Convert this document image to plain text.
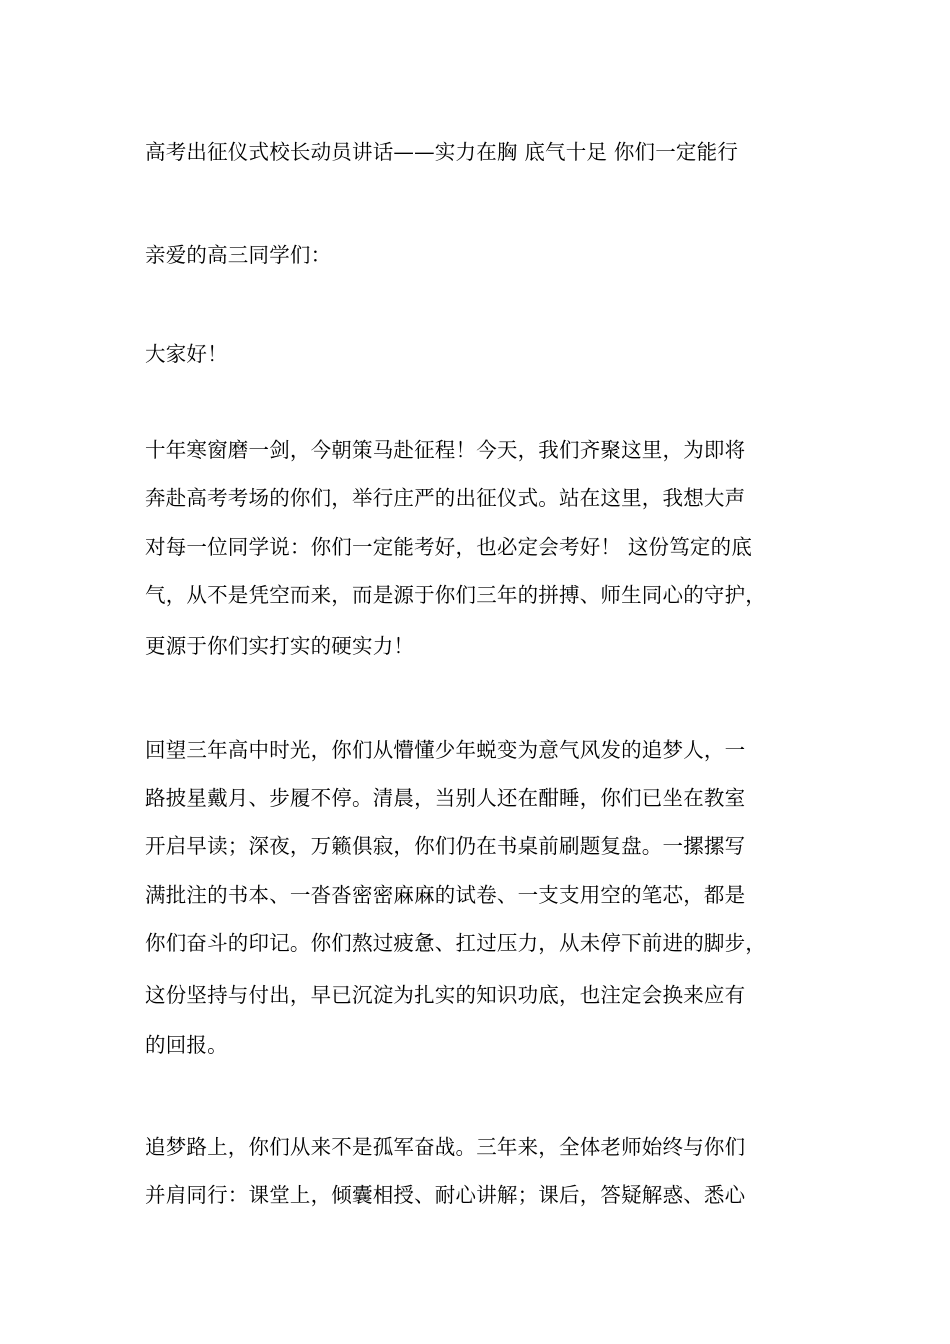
高考出征仪式校长动员讲话——实力在胸 底气十足 你们一定能行
亲爱的高三同学们：
大家好！
十年寒窗磨一剑，今朝策马赴征程！今天，我们齐聚这里，为即将
奔赴高考考场的你们，举行庄严的出征仪式。站在这里，我想大声
对每一位同学说：你们一定能考好，也必定会考好！ 这份笃定的底
气，从不是凭空而来，而是源于你们三年的拼搏、师生同心的守护，
更源于你们实打实的硬实力！
回望三年高中时光，你们从懵懂少年蜕变为意气风发的追梦人，一
路披星戴月、步履不停。清晨，当别人还在酣睡，你们已坐在教室
开启早读；深夜，万籁俱寂，你们仍在书桌前刷题复盘。一摞摞写
满批注的书本、一沓沓密密麻麻的试卷、一支支用空的笔芯，都是
你们奋斗的印记。你们熬过疲惫、扛过压力，从未停下前进的脚步，
这份坚持与付出，早已沉淀为扎实的知识功底，也注定会换来应有
的回报。
追梦路上，你们从来不是孤军奋战。三年来，全体老师始终与你们
并肩同行：课堂上，倾囊相授、耐心讲解；课后，答疑解惑、悉心
